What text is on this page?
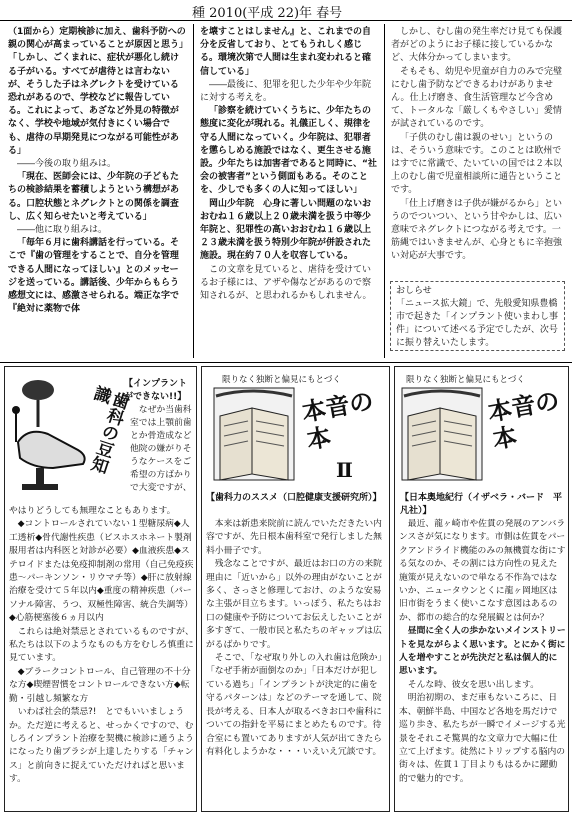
種 2010(平成 22)年 春号

（1面から）定期検診に加え、歯科予防への親の関心が高まっていることが原因と思う」「しかし、ごくまれに、症状が悪化し続ける子がいる。すべてが虐待とは言わないが、そうした子はネグレクトを受けている恐れがあるので、学校などに報告している。これによって、あざなど外見の特徴がなく、学校や地域が気付きにくい場合でも、虐待の早期発見につながる可能性がある」

――今後の取り組みは。

「現在、医師会には、少年院の子どもたちの検診結果を蓄積しようという構想がある。口腔状態とネグレクトとの関係を調査し、広く知らせたいと考えている」

――他に取り組みは。

「毎年６月に歯科講話を行っている。そこで『歯の管理をすることで、自分を管理できる人間になってほしい』とのメッセージを送っている。講話後、少年からもらう感想文には、感激させられる。端正な字で『絶対に薬物で体

を壊すことはしません』と、これまでの自分を反省しており、とてもうれしく感じる。環境次第で人間は生まれ変われると確信している」

――最後に、犯罪を犯した少年や少年院に対する考えを。

「診察を続けていくうちに、少年たちの態度に変化が現れる。礼儀正しく、規律を守る人間になっていく。少年院は、犯罪者を懲らしめる施設ではなく、更生させる施設。少年たちは加害者であると同時に、“社会の被害者”という側面もある。そのことを、少しでも多くの人に知ってほしい」

岡山少年院　心身に著しい問題のないおおむね１６歳以上２０歳未満を扱う中等少年院と、犯罪性の高いおおむね１６歳以上２３歳未満を扱う特別少年院が併設された施設。現在約７０人を収容している。

この文章を見ていると、虐待を受けているお子様には、アザや傷などがあるので察知されるが、と思われるかもしれません。

しかし、むし歯の発生率だけ見ても保護者がどのようにお子様に接しているかなど、大体分かってしまいます。

そもそも、幼児や児童が自力のみで完璧にむし歯予防などできるわけがありません。仕上げ磨き、食生活管理など今含めて、トータルな「厳しくもやさしい」愛情が試されているのです。

「子供のむし歯は親のせい」というのは、そういう意味です。このことは欧州ではすでに常識で、たいていの国では２本以上のむし歯で児童相談所に通告ということです。

「仕上げ磨きは子供が嫌がるから」というのでついつい、という甘やかしは、広い意味でネグレクトにつながる考えです。一筋縄ではいきませんが、心身ともに辛抱強い対応が大事です。

おしらせ

「ニュース拡大鏡」で、先般愛知県豊橋市で起きた「インプラント使いまわし事件」について述べる予定でしたが、次号に振り替えいたします。

歯科の豆知識	【インプラントができない!!】

なぜか当歯科室では上顎前歯とか骨造成など他院の嫌がりそうなケースをご希望の方ばかりで大変ですが、

やはりどうしても無理なこともあります。

◆コントロールされていない１型糖尿病◆人工透析◆骨代謝性疾患（ビスホスホネート製剤服用者は内科医と対診が必要）◆血液疾患◆ステロイドまたは免疫抑制剤の常用（自己免疫疾患～パーキンソン・リウマチ等）◆肝に放射線治療を受けて５年以内◆重度の精神疾患（パーソナル障害、うつ、双極性障害、統合失調等）◆心筋梗塞後６ヵ月以内

これらは絶対禁忌とされているものですが、私たちは以下のようなものも方をむしろ慎重に見ています。

◆ブラークコントロール、自己管理の不十分な方◆喫煙習慣をコントロールできない方◆転勤・引越し頻繁な方

いわば社会的禁忌?!　とでもいいましょうか。ただ逆に考えると、せっかくですので、むしろインプラント治療を契機に検診に通うようになったり歯ブラシが上達したりする「チャンス」と前向きに捉えていただければと思います。

限りなく独断と偏見にもとづく
本音の本
Ⅱ
【歯科力のススメ（口腔健康支援研究所）】

本来は新患来院前に読んでいただきたい内容ですが、先日根本歯科室で発行しました無料小冊子です。

残念なことですが、最近はお口の方の来院理由に「近いから」以外の理由がないことが多く、さっさと修理しておけ、のような安易な主張が目立ちます。いっぽう、私たちはお口の健康や予防についてお伝えしたいことが多すぎて、一般市民と私たちのギャップは広がるばかりです。

そこで、「なぜ取り外しの入れ歯は危険か」「なぜ手術が面倒なのか」「日本だけが犯している過ち」「インプラントが決定的に歯を守るパターンは」などのテーマを通して、院長が考える、日本人が取るべきお口や歯科についての指針を平易にまとめたものです。待合室にも置いてありますが人気が出てきたら有料化しようかな・・・いえいえ冗談です。

限りなく独断と偏見にもとづく
本音の本
【日本奥地紀行（イザベラ・バード　平凡社）】

最近、龍ヶ崎市や佐貫の発展のアンバランスさが気になります。市側は佐貫をパークアンドライド機能のみの無機質な街にする気なのか、その割には方向性の見えた施策が見えないので単なる不作為ではないか、ニュータウンとくに龍ヶ岡地区は旧市街をうまく使いこなす意図はあるのか、都市の総合的な発展観とは何か？

昼間に全く人の歩かないメインストリートを見ながらよく思います。とにかく街に人を増やすことが先決だと私は個人的に思います。

そんな時、彼女を思い出します。

明治初期の、まだ車もないころに、日本、朝鮮半島、中国など各地を馬だけで巡り歩き、私たちが一瞬でイメージする光景をそれこそ驚異的な文章力で大幅に仕立て上げます。徒然にトリップする脳内の街々は、佐貫１丁目よりもはるかに躍動的で魅力的です。
